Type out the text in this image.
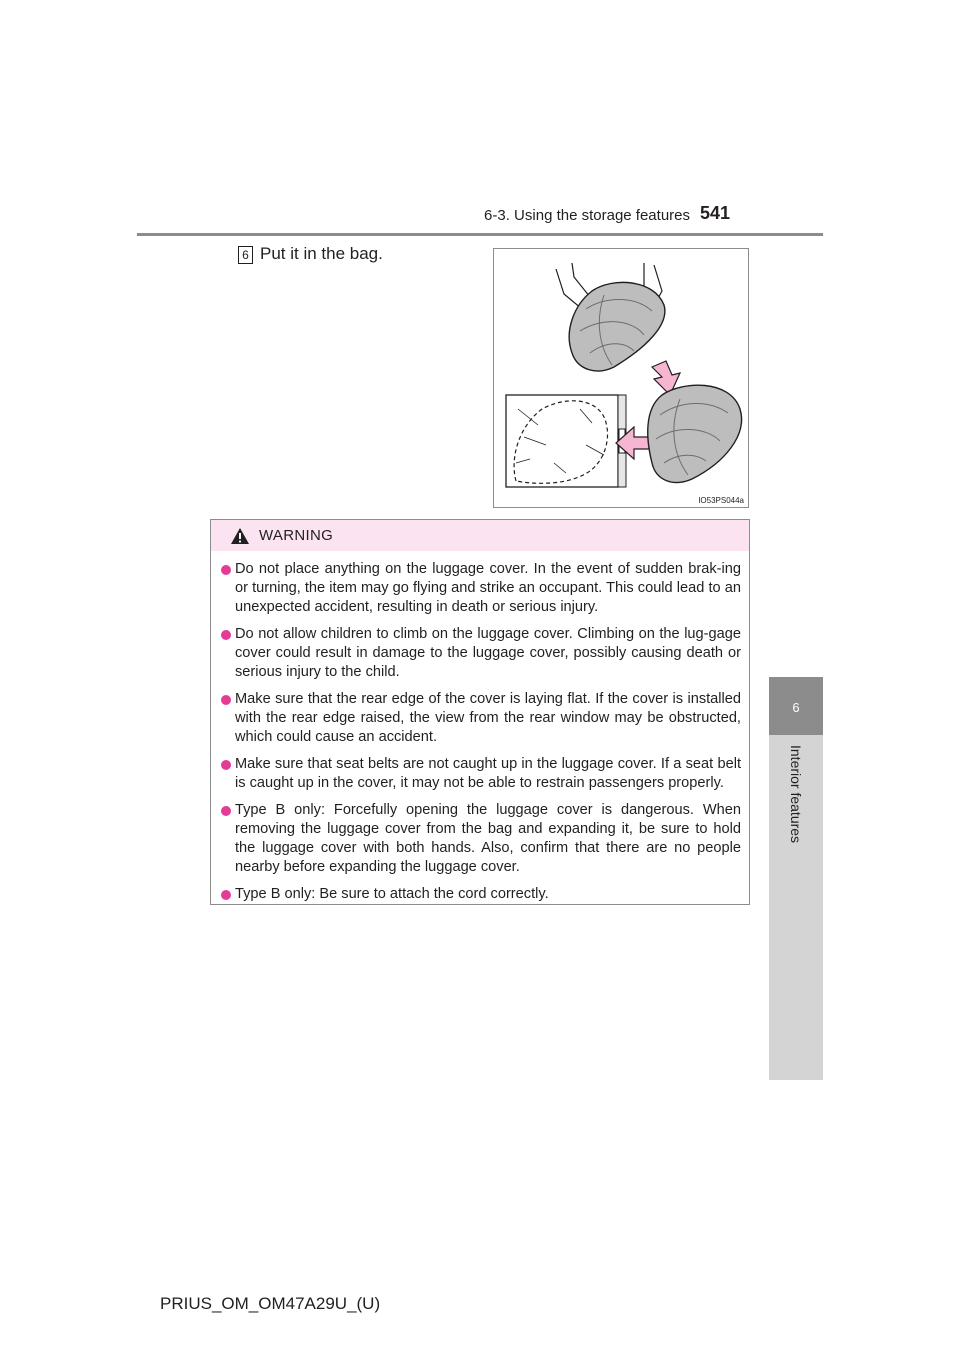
6-3. Using the storage features 541
6
Interior features
6 Put it in the bag.
IO53PS044a
WARNING
Do not place anything on the luggage cover. In the event of sudden brak-ing or turning, the item may go flying and strike an occupant. This could lead to an unexpected accident, resulting in death or serious injury.
Do not allow children to climb on the luggage cover. Climbing on the lug-gage cover could result in damage to the luggage cover, possibly causing death or serious injury to the child.
Make sure that the rear edge of the cover is laying flat. If the cover is installed with the rear edge raised, the view from the rear window may be obstructed, which could cause an accident.
Make sure that seat belts are not caught up in the luggage cover. If a seat belt is caught up in the cover, it may not be able to restrain passengers properly.
Type B only: Forcefully opening the luggage cover is dangerous. When removing the luggage cover from the bag and expanding it, be sure to hold the luggage cover with both hands. Also, confirm that there are no people nearby before expanding the luggage cover.
Type B only: Be sure to attach the cord correctly.
PRIUS_OM_OM47A29U_(U)
